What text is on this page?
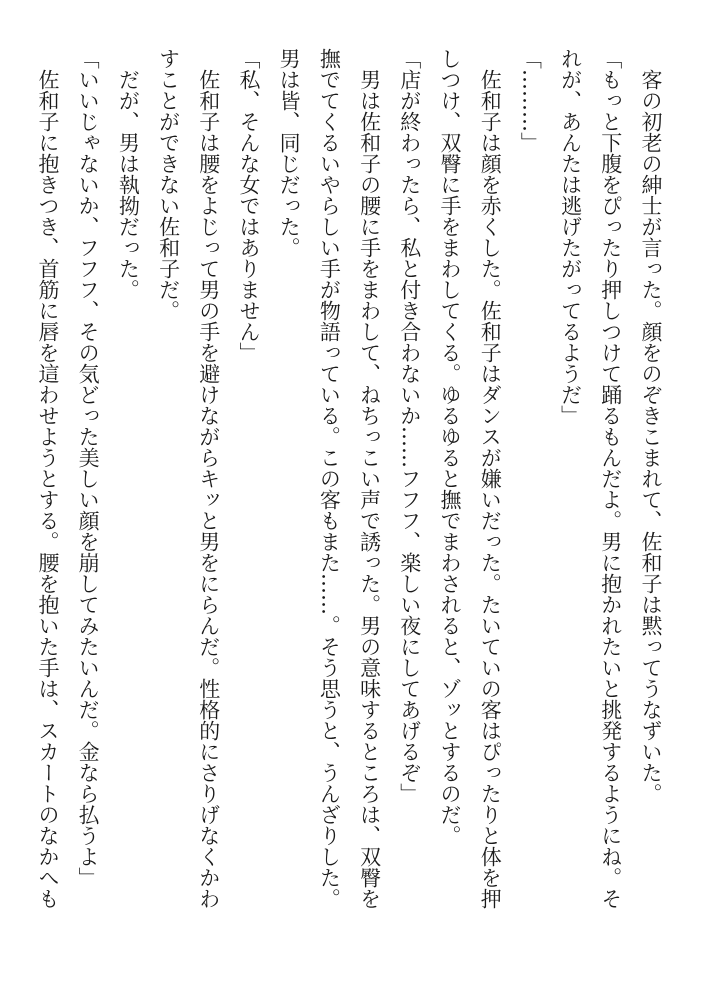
　客の初老の紳士が言った。顔をのぞきこまれて、佐和子は黙ってうなずいた。
「もっと下腹をぴったり押しつけて踊るもんだよ。男に抱かれたいと挑発するようにね。そ
れが、あんたは逃げたがってるようだ」
「………」
　佐和子は顔を赤くした。佐和子はダンスが嫌いだった。たいていの客はぴったりと体を押
しつけ、双臀に手をまわしてくる。ゆるゆると撫でまわされると、ゾッとするのだ。
「店が終わったら、私と付き合わないか……フフフ、楽しい夜にしてあげるぞ」
　男は佐和子の腰に手をまわして、ねちっこい声で誘った。男の意味するところは、双臀を
撫でてくるいやらしい手が物語っている。この客もまた……。そう思うと、うんざりした。
男は皆、同じだった。
「私、そんな女ではありません」
　佐和子は腰をよじって男の手を避けながらキッと男をにらんだ。性格的にさりげなくかわ
すことができない佐和子だ。
　だが、男は執拗だった。
「いいじゃないか、フフフ、その気どった美しい顔を崩してみたいんだ。金なら払うよ」
　佐和子に抱きつき、首筋に唇を這わせようとする。腰を抱いた手は、スカートのなかへも
